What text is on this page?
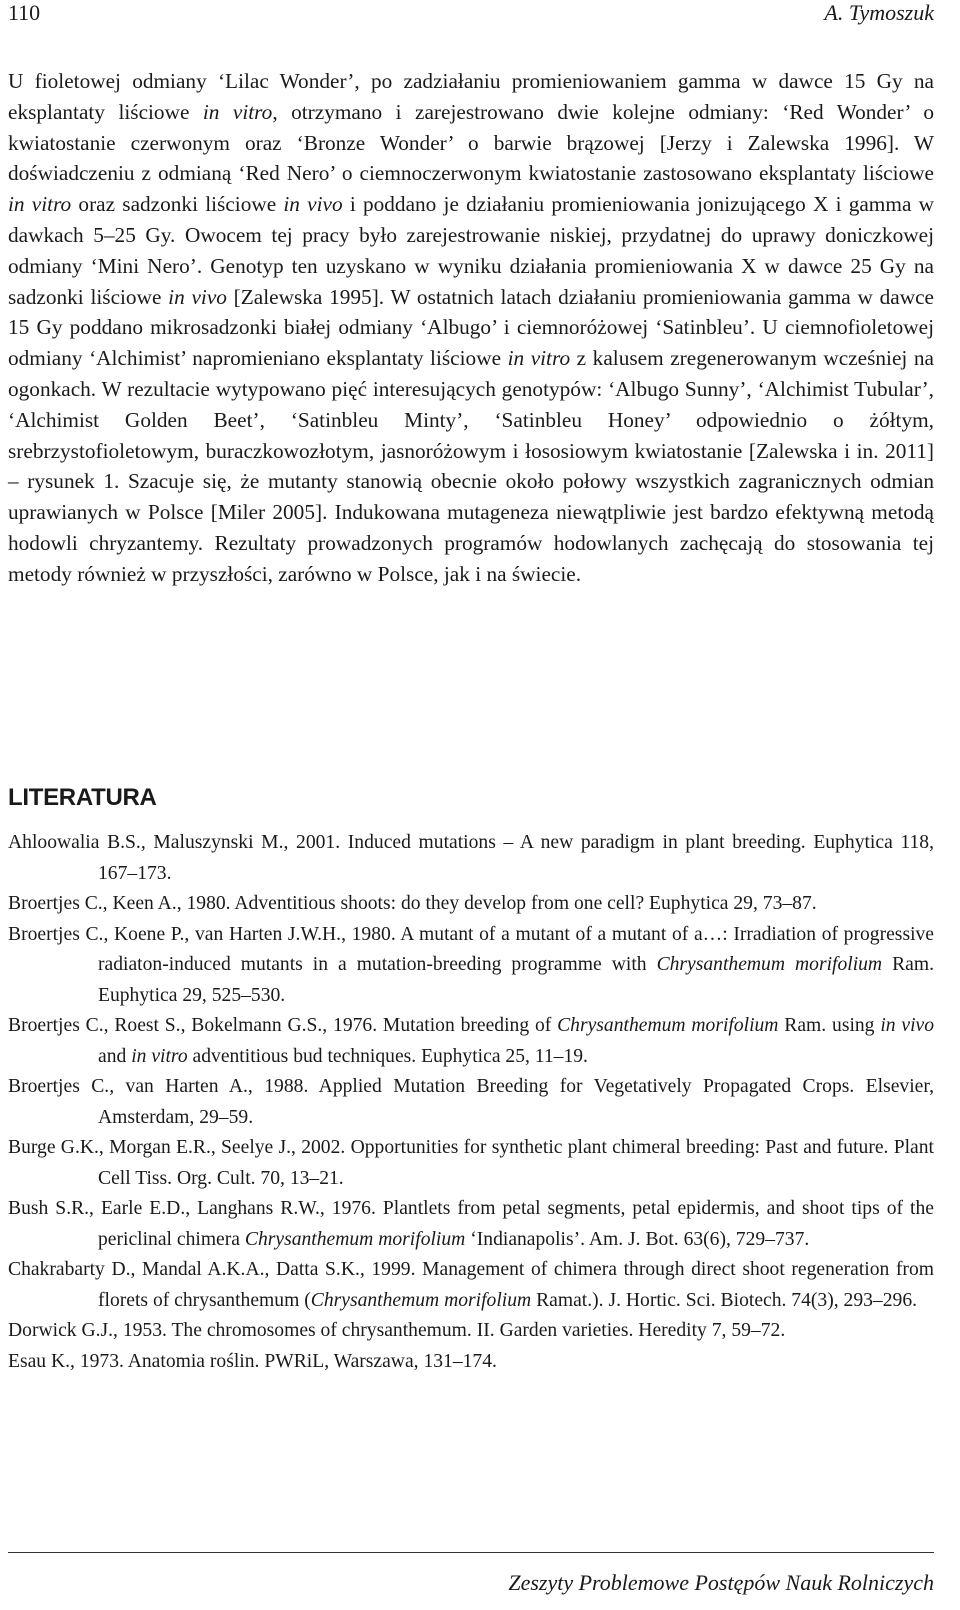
110	A. Tymoszuk

U fioletowej odmiany ‘Lilac Wonder’, po zadziałaniu promieniowaniem gamma w dawce 15 Gy na eksplantaty liściowe in vitro, otrzymano i zarejestrowano dwie kolejne odmiany: ‘Red Wonder’ o kwiatostanie czerwonym oraz ‘Bronze Wonder’ o barwie brązowej [Jerzy i Zalewska 1996]. W doświadczeniu z odmianą ‘Red Nero’ o ciemnoczerwonym kwiatostanie zastosowano eksplantaty liściowe in vitro oraz sadzonki liściowe in vivo i poddano je działaniu promieniowania jonizującego X i gamma w dawkach 5–25 Gy. Owocem tej pracy było zarejestrowanie niskiej, przydatnej do uprawy doniczkowej odmiany ‘Mini Nero’. Genotyp ten uzyskano w wyniku działania promieniowania X w dawce 25 Gy na sadzonki liściowe in vivo [Zalewska 1995]. W ostatnich latach działaniu promieniowania gamma w dawce 15 Gy poddano mikrosadzonki białej odmiany ‘Albugo’ i ciemnoróżowej ‘Satinbleu’. U ciemnofioletowej odmiany ‘Alchimist’ napromieniano eksplantaty liściowe in vitro z kalusem zregenerowanym wcześniej na ogonkach. W rezultacie wytypowano pięć interesujących genotypów: ‘Albugo Sunny’, ‘Alchimist Tubular’, ‘Alchimist Golden Beet’, ‘Satinbleu Minty’, ‘Satinbleu Honey’ odpowiednio o żółtym, srebrzystofioletowym, buraczkowozłotym, jasnoróżowym i łososiowym kwiatostanie [Zalewska i in. 2011] – rysunek 1. Szacuje się, że mutanty stanowią obecnie około połowy wszystkich zagranicznych odmian uprawianych w Polsce [Miler 2005]. Indukowana mutageneza niewątpliwie jest bardzo efektywną metodą hodowli chryzantemy. Rezultaty prowadzonych programów hodowlanych zachęcają do stosowania tej metody również w przyszłości, zarówno w Polsce, jak i na świecie.

LITERATURA
Ahloowalia B.S., Maluszynski M., 2001. Induced mutations – A new paradigm in plant breeding. Euphytica 118, 167–173.
Broertjes C., Keen A., 1980. Adventitious shoots: do they develop from one cell? Euphytica 29, 73–87.
Broertjes C., Koene P., van Harten J.W.H., 1980. A mutant of a mutant of a mutant of a…: Irradiation of progressive radiaton-induced mutants in a mutation-breeding programme with Chrysanthemum morifolium Ram. Euphytica 29, 525–530.
Broertjes C., Roest S., Bokelmann G.S., 1976. Mutation breeding of Chrysanthemum morifolium Ram. using in vivo and in vitro adventitious bud techniques. Euphytica 25, 11–19.
Broertjes C., van Harten A., 1988. Applied Mutation Breeding for Vegetatively Propagated Crops. Elsevier, Amsterdam, 29–59.
Burge G.K., Morgan E.R., Seelye J., 2002. Opportunities for synthetic plant chimeral breeding: Past and future. Plant Cell Tiss. Org. Cult. 70, 13–21.
Bush S.R., Earle E.D., Langhans R.W., 1976. Plantlets from petal segments, petal epidermis, and shoot tips of the periclinal chimera Chrysanthemum morifolium ‘Indianapolis’. Am. J. Bot. 63(6), 729–737.
Chakrabarty D., Mandal A.K.A., Datta S.K., 1999. Management of chimera through direct shoot regeneration from florets of chrysanthemum (Chrysanthemum morifolium Ramat.). J. Hortic. Sci. Biotech. 74(3), 293–296.
Dorwick G.J., 1953. The chromosomes of chrysanthemum. II. Garden varieties. Heredity 7, 59–72.
Esau K., 1973. Anatomia roślin. PWRiL, Warszawa, 131–174.
Zeszyty Problemowe Postępów Nauk Rolniczych
